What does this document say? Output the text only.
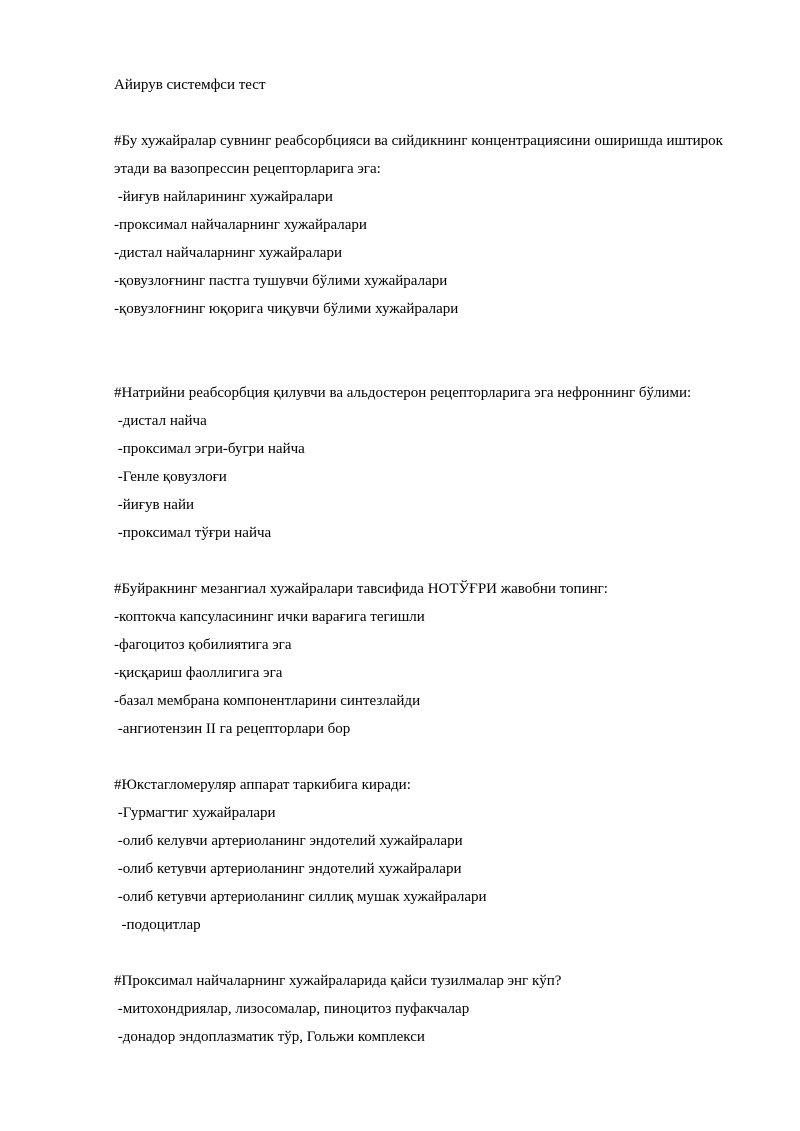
Айирув системфси тест

#Бу хужайралар сувнинг реабсорбцияси ва сийдикнинг концентрациясини оширишда иштирок этади ва вазопрессин рецепторларига эга:

-йиғув найларининг хужайралари

-проксимал найчаларнинг хужайралари

-дистал найчаларнинг хужайралари

-қовузлоғнинг пастга тушувчи бўлими хужайралари

-қовузлоғнинг юқорига чиқувчи бўлими хужайралари

#Натрийни реабсорбция қилувчи ва альдостерон рецепторларига эга нефроннинг бўлими:

-дистал найча

-проксимал эгри-бугри найча

-Генле қовузлоғи

-йиғув найи

-проксимал тўғри найча

#Буйракнинг мезангиал хужайралари тавсифида НОТЎҒРИ жавобни топинг:

-коптокча капсуласининг ички варағига тегишли

-фагоцитоз қобилиятига эга

-қисқариш фаоллигига эга

-базал мембрана компонентларини синтезлайди

-ангиотензин II га рецепторлари бор

#Юкстагломеруляр аппарат таркибига киради:

-Гурмагтиг хужайралари

-олиб келувчи артериоланинг эндотелий хужайралари

-олиб кетувчи артериоланинг эндотелий хужайралари

-олиб кетувчи артериоланинг силлиқ мушак хужайралари

-подоцитлар

#Проксимал найчаларнинг хужайраларида қайси тузилмалар энг кўп?

-митохондриялар, лизосомалар, пиноцитоз пуфакчалар

-донадор эндоплазматик тўр, Гольжи комплекси
